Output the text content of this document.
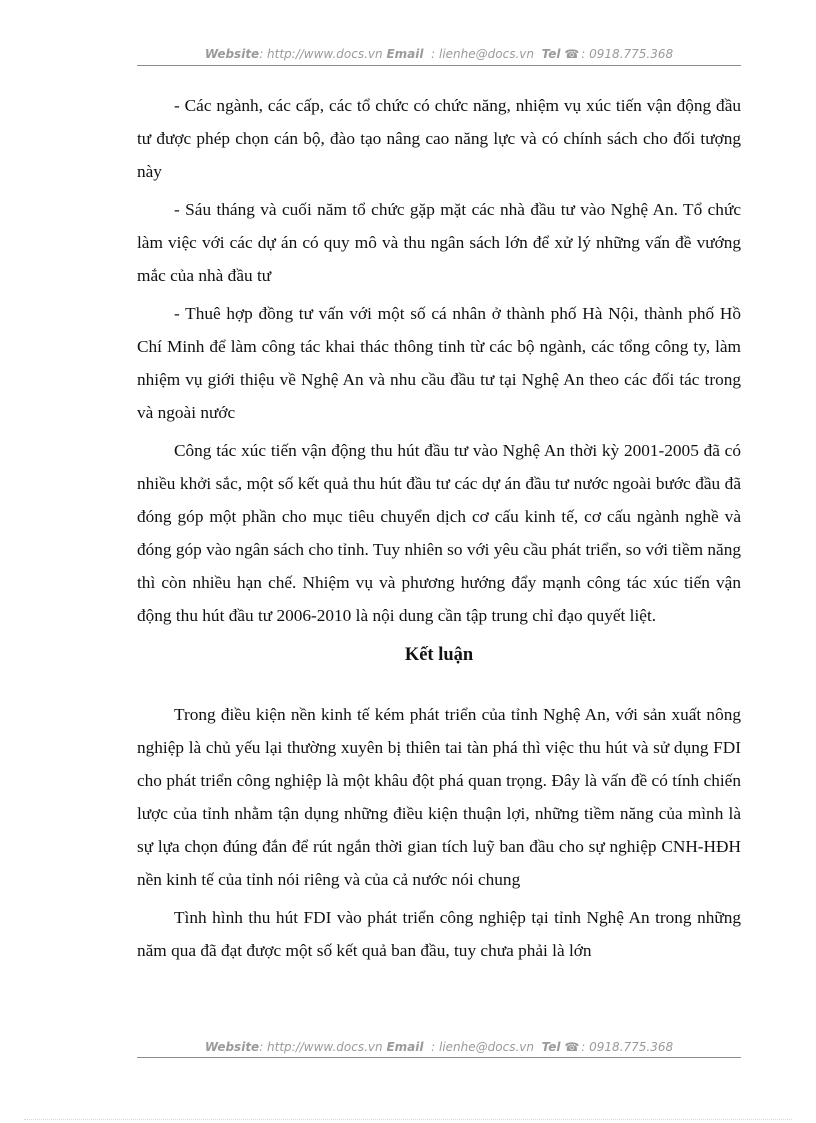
Website: http://www.docs.vn Email : lienhe@docs.vn Tel ☎ : 0918.775.368

- Các ngành, các cấp, các tổ chức có chức năng, nhiệm vụ xúc tiến vận động đầu tư được phép chọn cán bộ, đào tạo nâng cao năng lực và có chính sách cho đối tượng này

- Sáu tháng và cuối năm tổ chức gặp mặt các nhà đầu tư vào Nghệ An. Tổ chức làm việc với các dự án có quy mô và thu ngân sách lớn để xử lý những vấn đề vướng mắc của nhà đầu tư

- Thuê hợp đồng tư vấn với một số cá nhân ở thành phố Hà Nội, thành phố Hồ Chí Minh để làm công tác khai thác thông tinh từ các bộ ngành, các tổng công ty, làm nhiệm vụ giới thiệu về Nghệ An và nhu cầu đầu tư tại Nghệ An theo các đối tác trong và ngoài nước

Công tác xúc tiến vận động thu hút đầu tư vào Nghệ An thời kỳ 2001-2005 đã có nhiều khởi sắc, một số kết quả thu hút đầu tư các dự án đầu tư nước ngoài bước đầu đã đóng góp một phần cho mục tiêu chuyển dịch cơ cấu kinh tế, cơ cấu ngành nghề và đóng góp vào ngân sách cho tỉnh. Tuy nhiên so với yêu cầu phát triển, so với tiềm năng thì còn nhiều hạn chế. Nhiệm vụ và phương hướng đẩy mạnh công tác xúc tiến vận động thu hút đầu tư 2006-2010 là nội dung cần tập trung chỉ đạo quyết liệt.

Kết luận

Trong điều kiện nền kinh tế kém phát triển của tỉnh Nghệ An, với sản xuất nông nghiệp là chủ yếu lại thường xuyên bị thiên tai tàn phá thì việc thu hút và sử dụng FDI cho phát triển công nghiệp là một khâu đột phá quan trọng. Đây là vấn đề có tính chiến lược của tỉnh nhằm tận dụng những điều kiện thuận lợi, những tiềm năng của mình là sự lựa chọn đúng đắn để rút ngắn thời gian tích luỹ ban đầu cho sự nghiệp CNH-HĐH nền kinh tế của tỉnh nói riêng và của cả nước nói chung

Tình hình thu hút FDI vào phát triển công nghiệp tại tỉnh Nghệ An trong những năm qua đã đạt được một số kết quả ban đầu, tuy chưa phải là lớn

Website: http://www.docs.vn Email : lienhe@docs.vn Tel ☎ : 0918.775.368
